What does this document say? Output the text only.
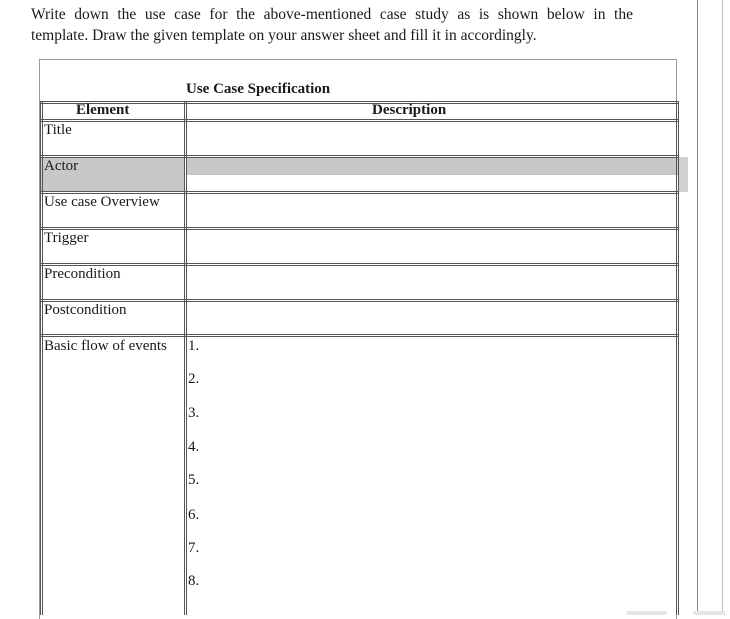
Write down the use case for the above-mentioned case study as is shown below in the
template. Draw the given template on your answer sheet and fill it in accordingly.
Use Case Specification
Element	Description
Title
Actor
Use case Overview
Trigger
Precondition
Postcondition
Basic flow of events 1.
2.
3.
4.
5.
6.
7.
8.
